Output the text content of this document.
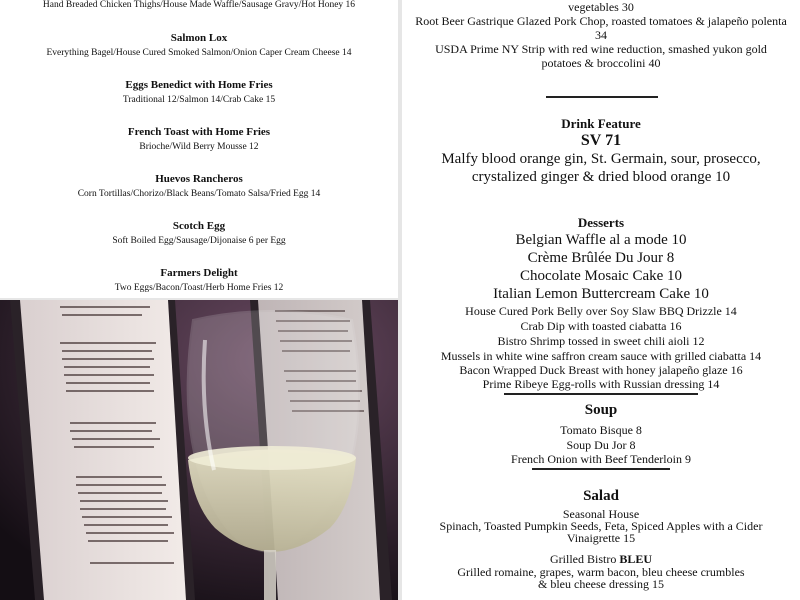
Hand Breaded Chicken Thighs/House Made Waffle/Sausage Gravy/Hot Honey 16
Salmon Lox
Everything Bagel/House Cured Smoked Salmon/Onion Caper Cream Cheese 14
Eggs Benedict with Home Fries
Traditional 12/Salmon 14/Crab Cake 15
French Toast with Home Fries
Brioche/Wild Berry Mousse 12
Huevos Rancheros
Corn Tortillas/Chorizo/Black Beans/Tomato Salsa/Fried Egg 14
Scotch Egg
Soft Boiled Egg/Sausage/Dijonaise 6 per Egg
Farmers Delight
Two Eggs/Bacon/Toast/Herb Home Fries 12
vegetables 30
Root Beer Gastrique Glazed Pork Chop, roasted tomatoes & jalapeño polenta
34
USDA Prime NY Strip with red wine reduction, smashed yukon gold
potatoes & broccolini 40
Drink Feature
SV 71
Malfy blood orange gin, St. Germain, sour, prosecco,
crystalized ginger & dried blood orange 10
Desserts
Belgian Waffle al a mode 10
Crème Brûlée Du Jour 8
Chocolate Mosaic Cake 10
Italian Lemon Buttercream Cake 10
House Cured Pork Belly over Soy Slaw BBQ Drizzle 14
Crab Dip with toasted ciabatta 16
Bistro Shrimp tossed in sweet chili aioli 12
Mussels in white wine saffron cream sauce with grilled ciabatta 14
Bacon Wrapped Duck Breast with honey jalapeño glaze 16
Prime Ribeye Egg-rolls with Russian dressing 14
Soup
Tomato Bisque 8
Soup Du Jor 8
French Onion with Beef Tenderloin 9
Salad
Seasonal House
Spinach, Toasted Pumpkin Seeds, Feta, Spiced Apples with a Cider
Vinaigrette 15
Grilled Bistro BLEU
Grilled romaine, grapes, warm bacon, bleu cheese crumbles
& bleu cheese dressing 15
